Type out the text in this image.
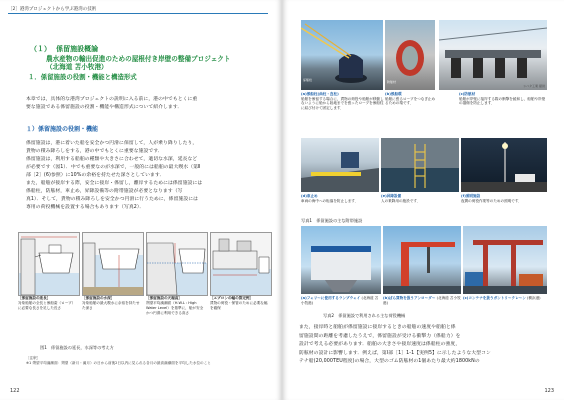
［2］港湾プロジェクトから学ぶ港湾の技術
（１） 係留施設概論
農水産物の輸出促進のための屋根付き岸壁の整備プロジェクト
（北海道 苫小牧港）
１．係留施設の役割・機能と構造形式
本章では，具体的な港湾プロジェクトの説明に入る前に，港の中でもとくに重
要な施設である係留施設の役割・機能や構造形式について紹介します．
１）係留施設の役割・機能
係留施設は，港に着いた船を安全かつ円滑に保留して，人が乗り降りしたり，
貨物の積み降ろしをする，港の中でもとくに重要な施設です．
係留施設は，利用する船舶の種類や大きさに合わせて，適切な水深，延長など
が必要です（図1）．中でも重要なのが水深で，一般的には船舶の最大喫水（第Ⅱ
部［2］(6)参照）に10%の余裕を持たせた深さとしています．
また，船舶が接岸する際，安全に接岸・係留し，離岸するためには係留施設には
係船柱，防舷材，車止め，昇降設備等の附帯施設が必要となります（写
真1）．そして，貨物の積み降ろしを安全かつ円滑に行うために，係留施設には
専用の荷役機械を設置する場合もあります（写真2）．
［係留施設の延長］
対象船舶の全長と係船索（ロープ）に必要な長さを足した長さ
［係留施設の水深］
対象船舶の最大喫水に余裕を持たせた深さ
［係留施設の天端高］
朔望平均満潮面（H.W.L : High Water Level）を基準に，船が安全かつ円滑に利用できる高さ
［エプロンの幅の算定例］
貨物の荷役・保管のために必要な幅を確保
図1　係留施設の延長，水深等の考え方
［注釈］
※1 朔望平均満潮面：朔望（新月・満月）の日から前後2日以内に見られる各月の最高満潮面を平均した水位のこと
122
係船柱	防舷材
シバタ工業 提供
(a)係船柱(曲柱・直柱)
船舶を係留する場合に，貨物の荷役や船舶が移動しないように船から陸地までを張ったロープを係船柱に結び付けて固定します．
(b)係船環
船舶に張るロープをつなぎ止めるための環です．
(c)防舷材
船舶が岸壁に接岸する際の衝撃を緩和し，船舶や岸壁の損傷を防止します．
(d)車止め
車両の海中への転落を防止します．
(e)昇降設備
人の乗降用の施設です．
(f)照明施設
夜間の荷役作業等のための照明です．
写真1　係留施設の主な附帯施設
(a)フェリーに使用するランプウェイ (北海道 苫小牧港)
(b)ばら貨物を扱うアンローダー (北海道 苫小牧港)
(c)コンテナを扱うガントリークレーン (横浜港)
写真2　係留施設で利用される主な荷役機械
また，接岸時と船舶が係留施設に接岸するときの船舶の速度や船舶と係
留施設間の距離を考慮したうえで，係留施設が受ける衝撃力（係船力）を
設計で考える必要があります．船舶の大きさや接岸速度は係船柱の強度，
防舷材の設計に影響します．例えば，第Ⅰ部［1］1-1【実例5】に示したような大型コン
テナ船(20,000TEU程度)の場合，大型のゴム防舷材の1個あたり最大約1800kNの
123
